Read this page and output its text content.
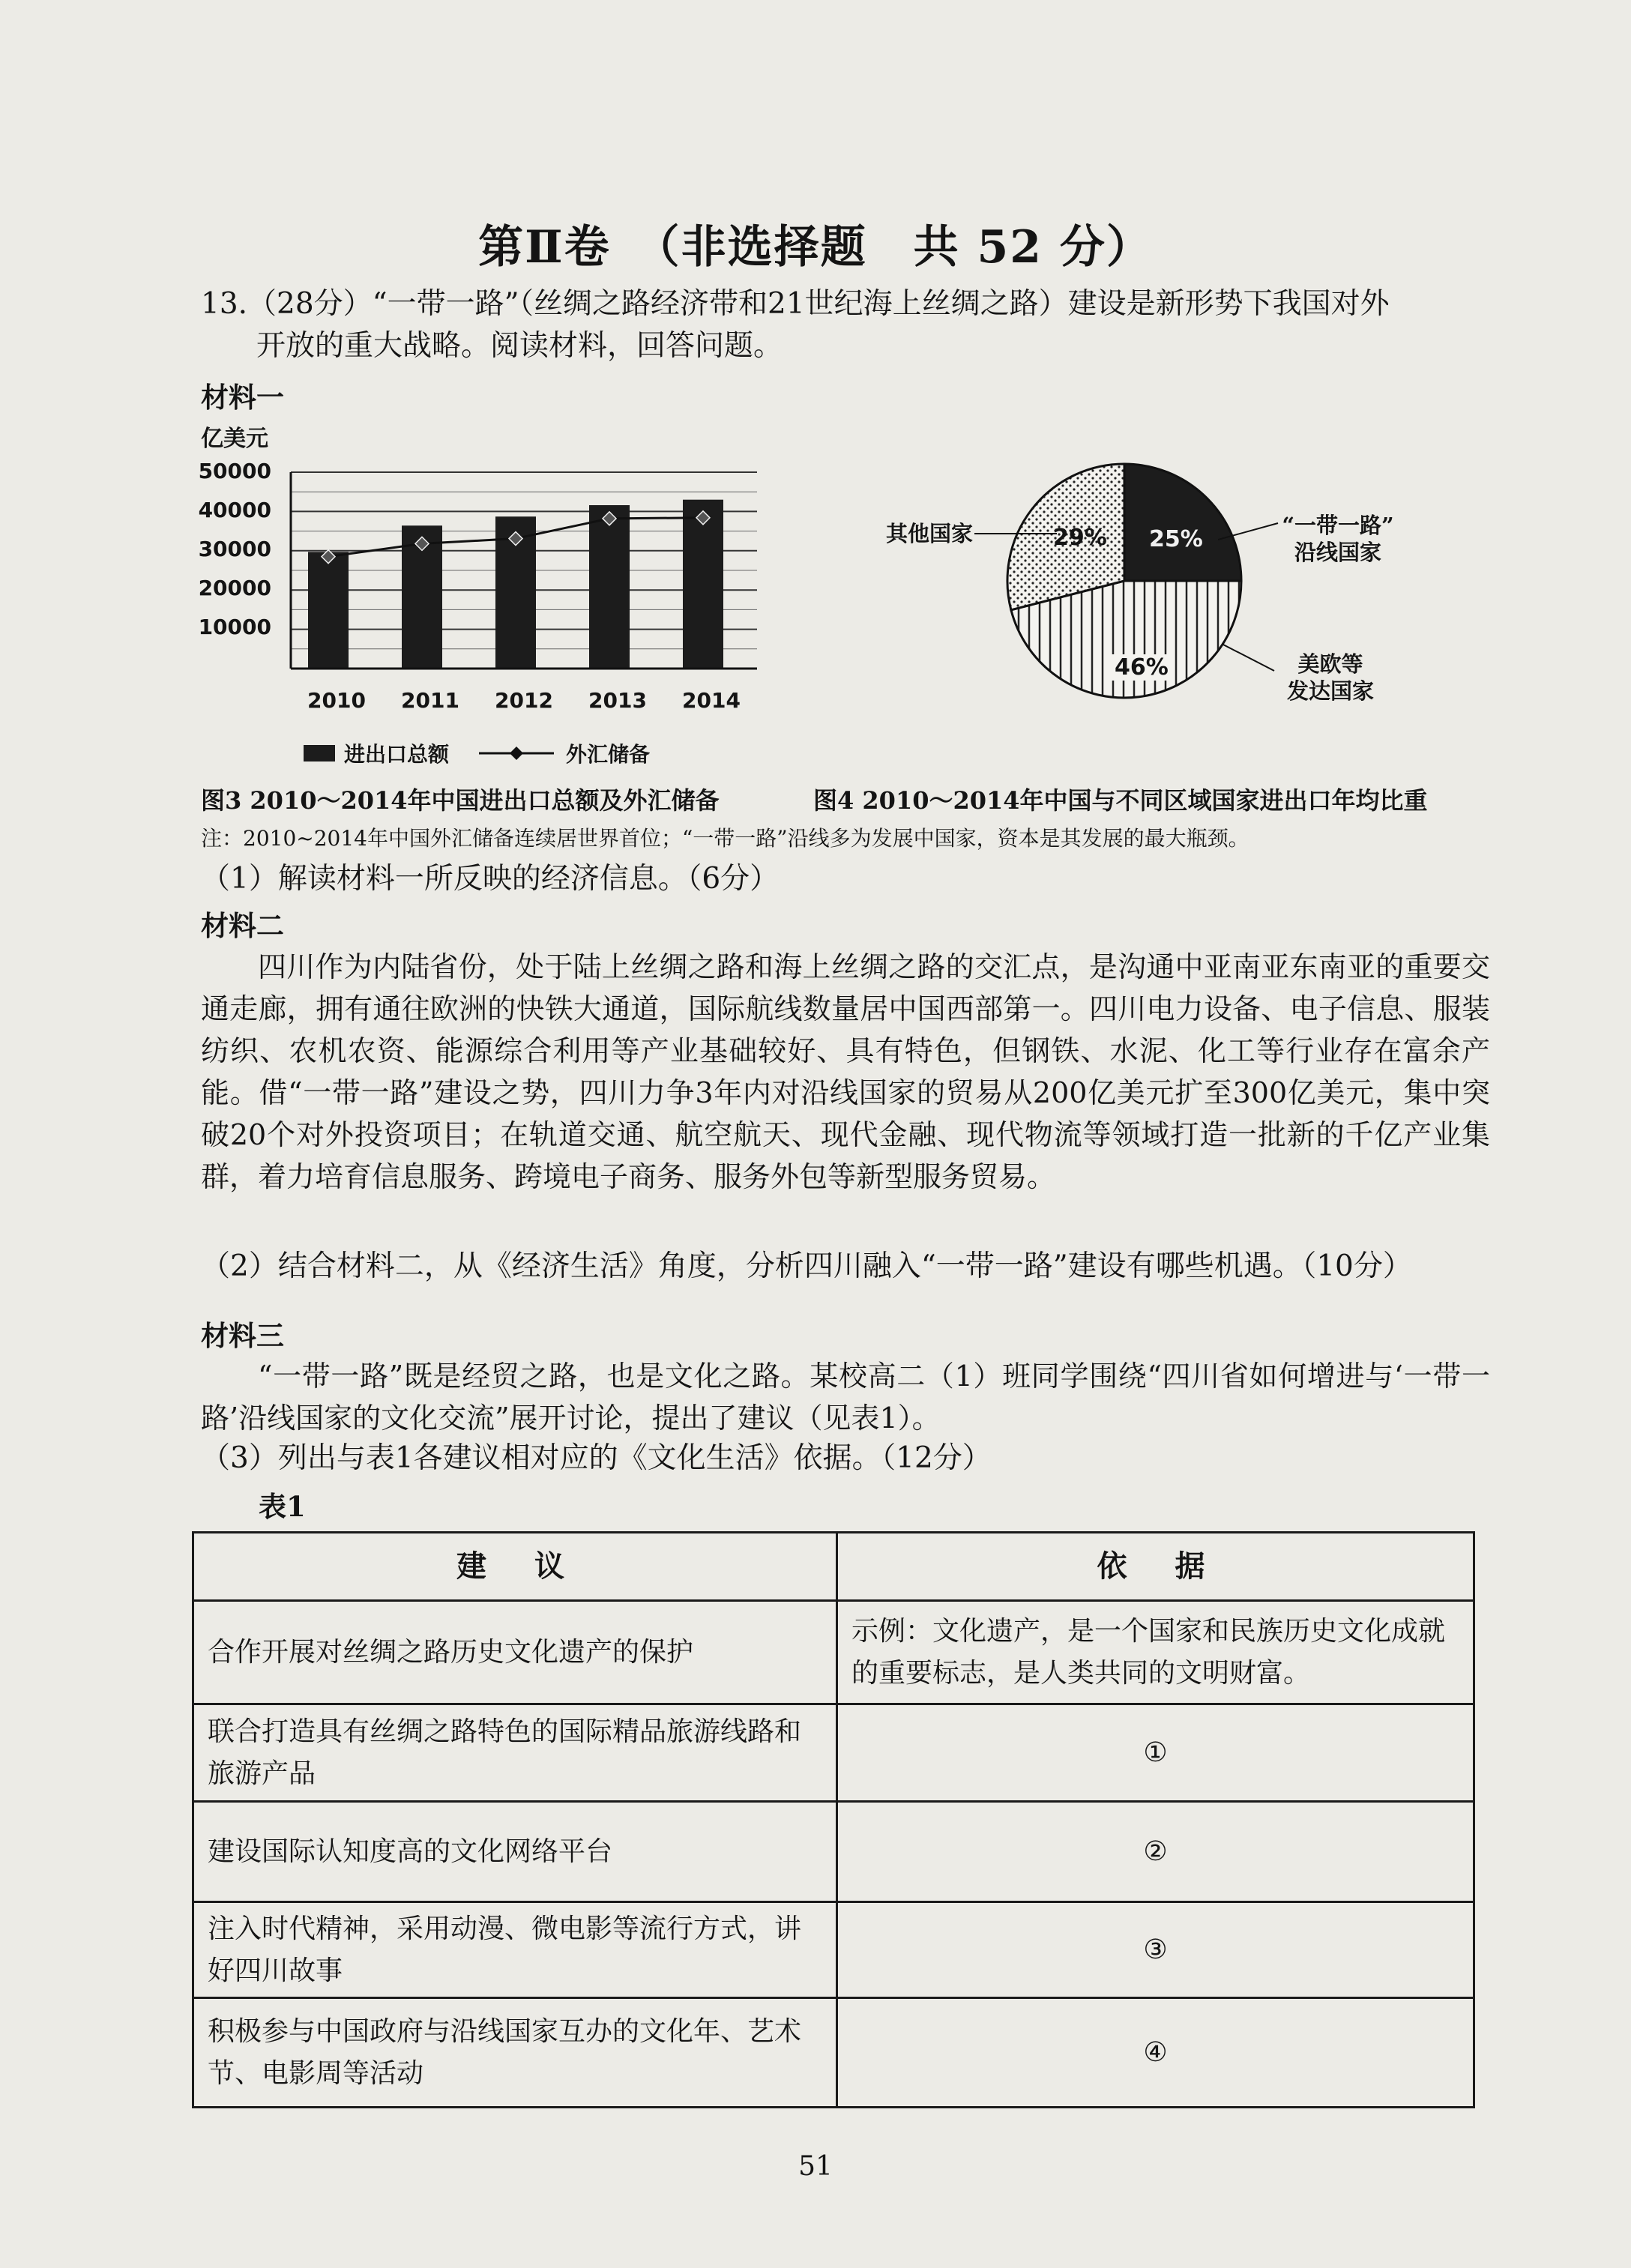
第Ⅱ卷　（非选择题　共 52 分）
13.（28分）“一带一路”（丝绸之路经济带和21世纪海上丝绸之路）建设是新形势下我国对外
开放的重大战略。阅读材料，回答问题。
材料一
亿美元
50000
40000
30000
20000
10000
2010 2011 2012 2013 2014
进出口总额	外汇储备
29% 25%
46%
其他国家	“一带一路”
沿线国家
美欧等
发达国家
图3 2010～2014年中国进出口总额及外汇储备	图4 2010～2014年中国与不同区域国家进出口年均比重
注：2010~2014年中国外汇储备连续居世界首位；“一带一路”沿线多为发展中国家，资本是其发展的最大瓶颈。
（1）解读材料一所反映的经济信息。（6分）
材料二
四川作为内陆省份，处于陆上丝绸之路和海上丝绸之路的交汇点，是沟通中亚南亚东南亚的重要交通走廊，拥有通往欧洲的快铁大通道，国际航线数量居中国西部第一。四川电力设备、电子信息、服装纺织、农机农资、能源综合利用等产业基础较好、具有特色，但钢铁、水泥、化工等行业存在富余产能。借“一带一路”建设之势，四川力争3年内对沿线国家的贸易从200亿美元扩至300亿美元，集中突破20个对外投资项目；在轨道交通、航空航天、现代金融、现代物流等领域打造一批新的千亿产业集群，着力培育信息服务、跨境电子商务、服务外包等新型服务贸易。
（2）结合材料二，从《经济生活》角度，分析四川融入“一带一路”建设有哪些机遇。（10分）
材料三
“一带一路”既是经贸之路，也是文化之路。某校高二（1）班同学围绕“四川省如何增进与‘一带一路’沿线国家的文化交流”展开讨论，提出了建议（见表1）。
（3）列出与表1各建议相对应的《文化生活》依据。（12分）
表1
建　议	依　据
合作开展对丝绸之路历史文化遗产的保护	示例：文化遗产，是一个国家和民族历史文化成就的重要标志，是人类共同的文明财富。
联合打造具有丝绸之路特色的国际精品旅游线路和旅游产品	①
建设国际认知度高的文化网络平台	②
注入时代精神，采用动漫、微电影等流行方式，讲好四川故事	③
积极参与中国政府与沿线国家互办的文化年、艺术节、电影周等活动	④
51
